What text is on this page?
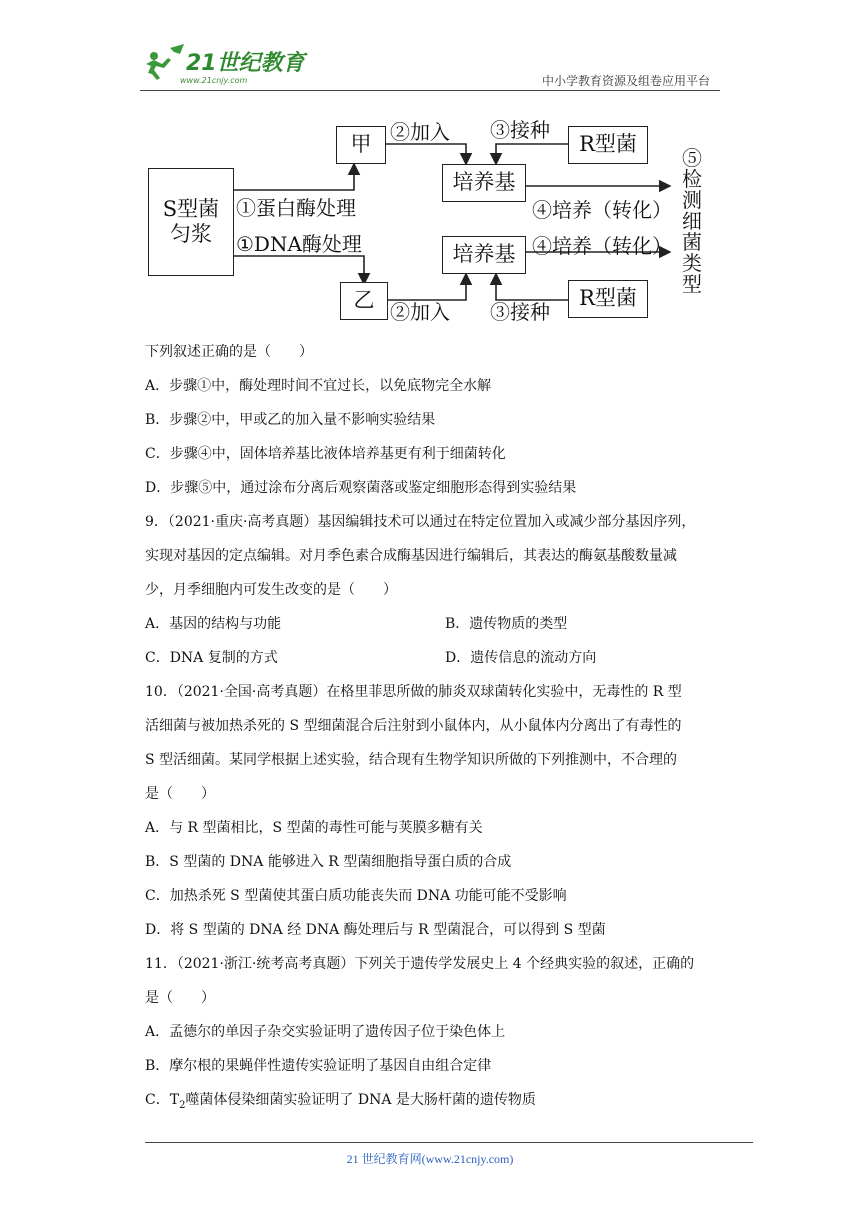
21世纪教育
www.21cnjy.com	中小学教育资源及组卷应用平台
S型菌匀浆
甲
乙
培养基
培养基
R型菌
R型菌
①蛋白酶处理
①DNA酶处理
②加入
②加入
③接种
③接种
④培养（转化）
④培养（转化）
⑤检测细菌类型
下列叙述正确的是（　　）
A．步骤①中，酶处理时间不宜过长，以免底物完全水解
B．步骤②中，甲或乙的加入量不影响实验结果
C．步骤④中，固体培养基比液体培养基更有利于细菌转化
D．步骤⑤中，通过涂布分离后观察菌落或鉴定细胞形态得到实验结果
9．（2021·重庆·高考真题）基因编辑技术可以通过在特定位置加入或减少部分基因序列，
实现对基因的定点编辑。对月季色素合成酶基因进行编辑后，其表达的酶氨基酸数量减
少，月季细胞内可发生改变的是（　　）
A．基因的结构与功能	B．遗传物质的类型
C．DNA 复制的方式	D．遗传信息的流动方向
10．（2021·全国·高考真题）在格里菲思所做的肺炎双球菌转化实验中，无毒性的 R 型
活细菌与被加热杀死的 S 型细菌混合后注射到小鼠体内，从小鼠体内分离出了有毒性的
S 型活细菌。某同学根据上述实验，结合现有生物学知识所做的下列推测中，不合理的
是（　　）
A．与 R 型菌相比，S 型菌的毒性可能与荚膜多糖有关
B．S 型菌的 DNA 能够进入 R 型菌细胞指导蛋白质的合成
C．加热杀死 S 型菌使其蛋白质功能丧失而 DNA 功能可能不受影响
D．将 S 型菌的 DNA 经 DNA 酶处理后与 R 型菌混合，可以得到 S 型菌
11．（2021·浙江·统考高考真题）下列关于遗传学发展史上 4 个经典实验的叙述，正确的
是（　　）
A．孟德尔的单因子杂交实验证明了遗传因子位于染色体上
B．摩尔根的果蝇伴性遗传实验证明了基因自由组合定律
C．$T_2$噬菌体侵染细菌实验证明了 DNA 是大肠杆菌的遗传物质
21 世纪教育网(www.21cnjy.com)
